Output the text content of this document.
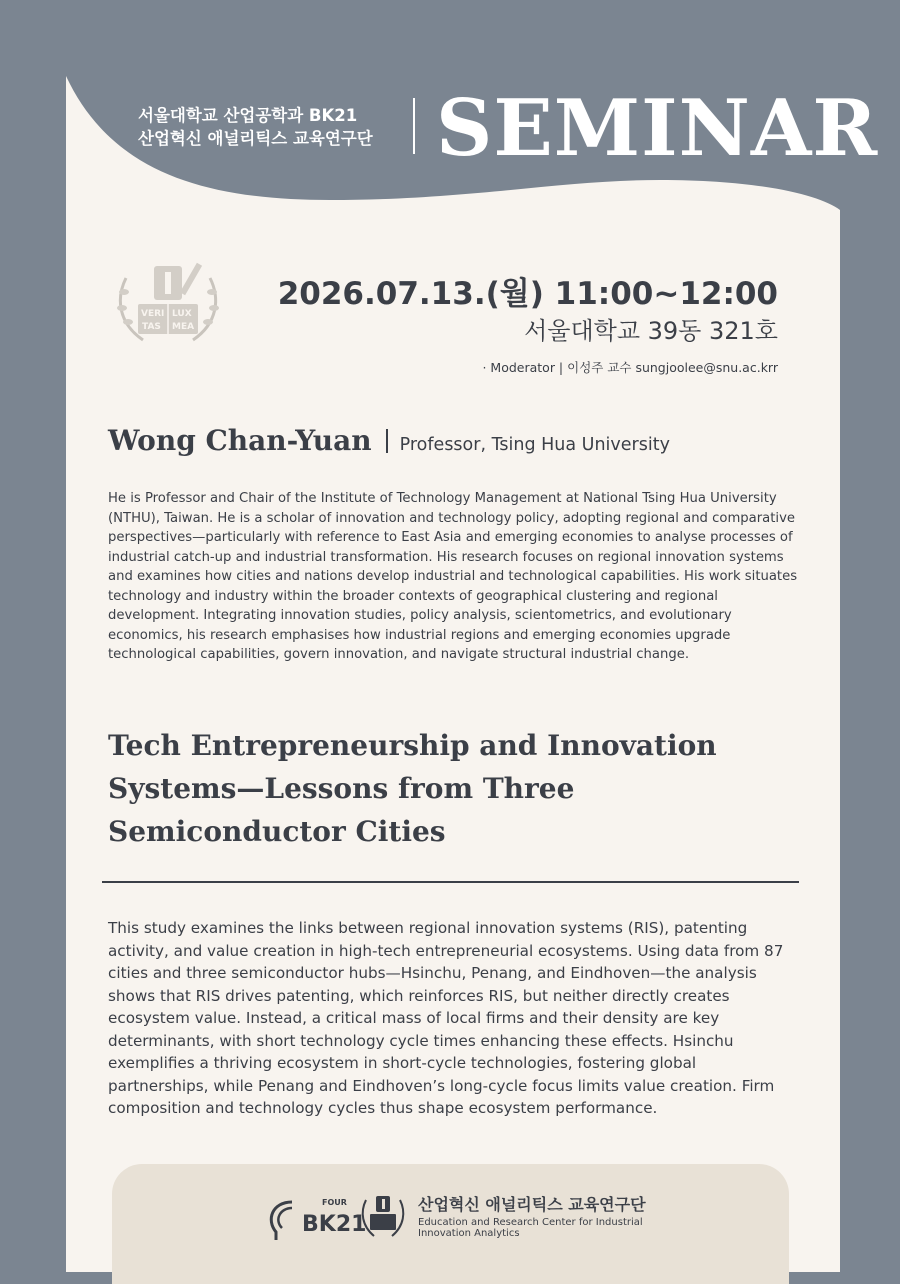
서울대학교 산업공학과 BK21
산업혁신 애널리틱스 교육연구단 SEMINAR
VERI LUX
TAS MEA
2026.07.13.(월) 11:00~12:00
서울대학교 39동 321호
· Moderator | 이성주 교수 sungjoolee@snu.ac.krr
Wong Chan-Yuan Professor, Tsing Hua University
He is Professor and Chair of the Institute of Technology Management at National Tsing Hua University (NTHU), Taiwan. He is a scholar of innovation and technology policy, adopting regional and comparative perspectives—particularly with reference to East Asia and emerging economies to analyse processes of industrial catch-up and industrial transformation. His research focuses on regional innovation systems and examines how cities and nations develop industrial and technological capabilities. His work situates technology and industry within the broader contexts of geographical clustering and regional development. Integrating innovation studies, policy analysis, scientometrics, and evolutionary economics, his research emphasises how industrial regions and emerging economies upgrade technological capabilities, govern innovation, and navigate structural industrial change.
Tech Entrepreneurship and Innovation
Systems—Lessons from Three
Semiconductor Cities
This study examines the links between regional innovation systems (RIS), patenting activity, and value creation in high-tech entrepreneurial ecosystems. Using data from 87 cities and three semiconductor hubs—Hsinchu, Penang, and Eindhoven—the analysis shows that RIS drives patenting, which reinforces RIS, but neither directly creates ecosystem value. Instead, a critical mass of local firms and their density are key determinants, with short technology cycle times enhancing these effects. Hsinchu exemplifies a thriving ecosystem in short-cycle technologies, fostering global partnerships, while Penang and Eindhoven’s long-cycle focus limits value creation. Firm composition and technology cycles thus shape ecosystem performance.
BK21
FOUR	산업혁신 애널리틱스 교육연구단
Education and Research Center for Industrial Innovation Analytics
